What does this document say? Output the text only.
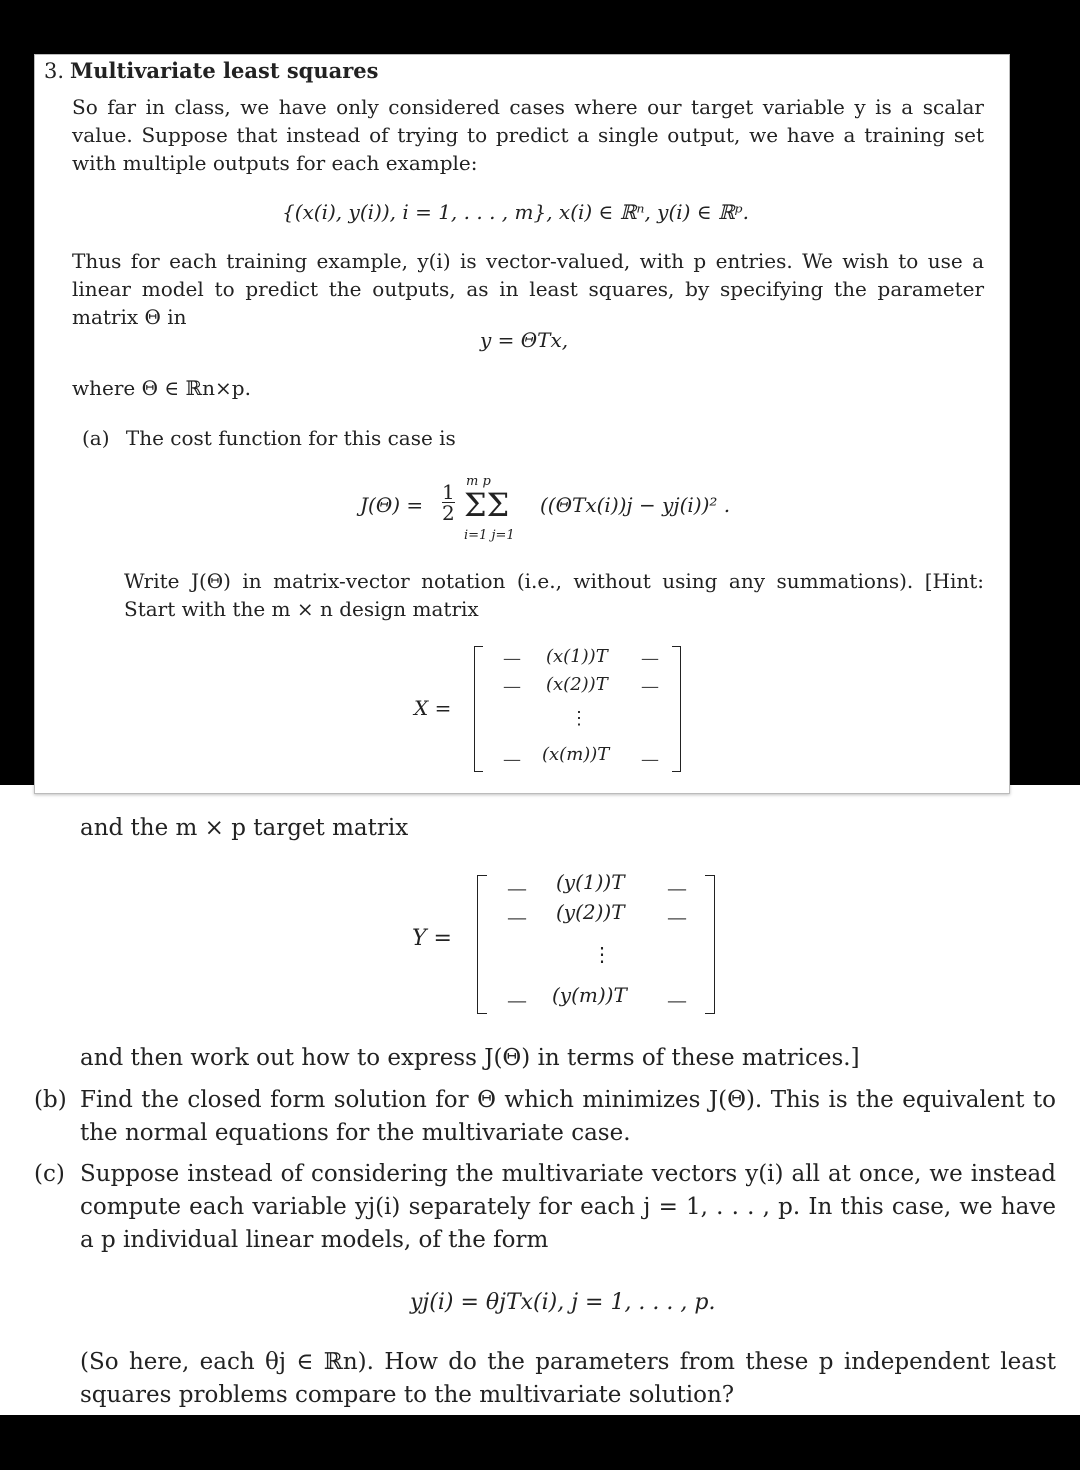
3. Multivariate least squares
So far in class, we have only considered cases where our target variable y is a scalar value. Suppose that instead of trying to predict a single output, we have a training set with multiple outputs for each example:
{(x(i), y(i)), i = 1, . . . , m}, x(i) ∈ ℝⁿ, y(i) ∈ ℝᵖ.
Thus for each training example, y(i) is vector-valued, with p entries. We wish to use a linear model to predict the outputs, as in least squares, by specifying the parameter matrix Θ in
y = ΘTx,
where Θ ∈ ℝn×p.
(a) The cost function for this case is
$J(\Theta) = \frac{1}{2}$
m p
ΣΣ
i=1 j=1
((ΘTx(i))j − yj(i))² .
Write J(Θ) in matrix-vector notation (i.e., without using any summations). [Hint: Start with the m × n design matrix
X =
— (x(1))T —
— (x(2))T —
⋮
— (x(m))T —
and the m × p target matrix
Y =
— (y(1))T —
— (y(2))T —
⋮
— (y(m))T —
and then work out how to express J(Θ) in terms of these matrices.]
(b) Find the closed form solution for Θ which minimizes J(Θ). This is the equivalent to the normal equations for the multivariate case.
(c) Suppose instead of considering the multivariate vectors y(i) all at once, we instead compute each variable yj(i) separately for each j = 1, . . . , p. In this case, we have a p individual linear models, of the form
yj(i) = θjTx(i), j = 1, . . . , p.
(So here, each θj ∈ ℝn). How do the parameters from these p independent least squares problems compare to the multivariate solution?
